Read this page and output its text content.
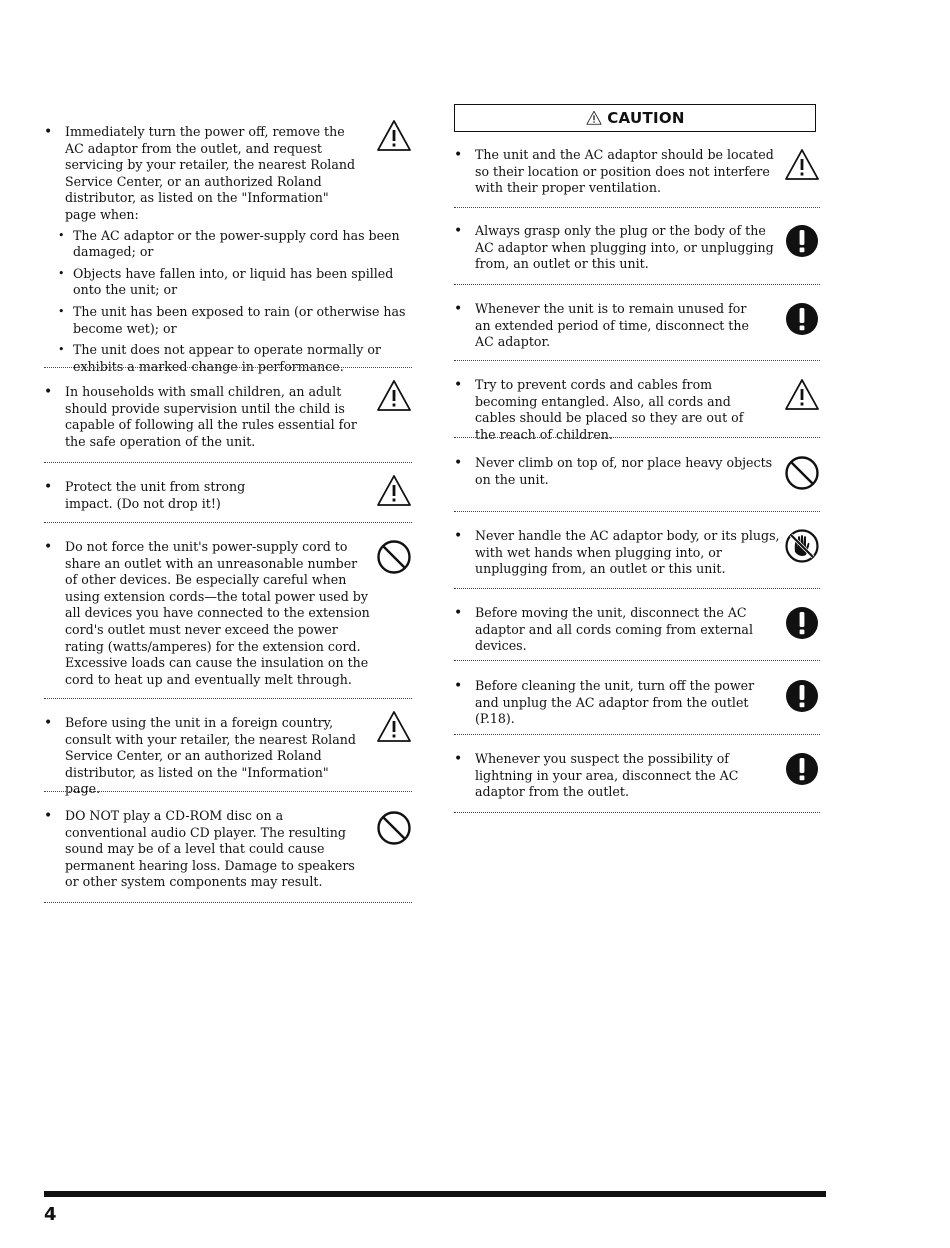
• Immediately turn the power off, remove the AC adaptor from the outlet, and request servicing by your retailer, the nearest Roland Service Center, or an authorized Roland distributor, as listed on the "Information" page when:
• The AC adaptor or the power-supply cord has been damaged; or
• Objects have fallen into, or liquid has been spilled onto the unit; or
• The unit has been exposed to rain (or otherwise has become wet); or
• The unit does not appear to operate normally or exhibits a marked change in performance.
• In households with small children, an adult should provide supervision until the child is capable of following all the rules essential for the safe operation of the unit.
• Protect the unit from strong impact. (Do not drop it!)
• Do not force the unit's power-supply cord to share an outlet with an unreasonable number of other devices. Be especially careful when using extension cords—the total power used by all devices you have connected to the extension cord's outlet must never exceed the power rating (watts/amperes) for the extension cord. Excessive loads can cause the insulation on the cord to heat up and eventually melt through.
• Before using the unit in a foreign country, consult with your retailer, the nearest Roland Service Center, or an authorized Roland distributor, as listed on the "Information" page.
• DO NOT play a CD-ROM disc on a conventional audio CD player. The resulting sound may be of a level that could cause permanent hearing loss. Damage to speakers or other system components may result.
CAUTION
• The unit and the AC adaptor should be located so their location or position does not interfere with their proper ventilation.
• Always grasp only the plug or the body of the AC adaptor when plugging into, or unplugging from, an outlet or this unit.
• Whenever the unit is to remain unused for an extended period of time, disconnect the AC adaptor.
• Try to prevent cords and cables from becoming entangled. Also, all cords and cables should be placed so they are out of the reach of children.
• Never climb on top of, nor place heavy objects on the unit.
• Never handle the AC adaptor body, or its plugs, with wet hands when plugging into, or unplugging from, an outlet or this unit.
• Before moving the unit, disconnect the AC adaptor and all cords coming from external devices.
• Before cleaning the unit, turn off the power and unplug the AC adaptor from the outlet (P.18).
• Whenever you suspect the possibility of lightning in your area, disconnect the AC adaptor from the outlet.
4
